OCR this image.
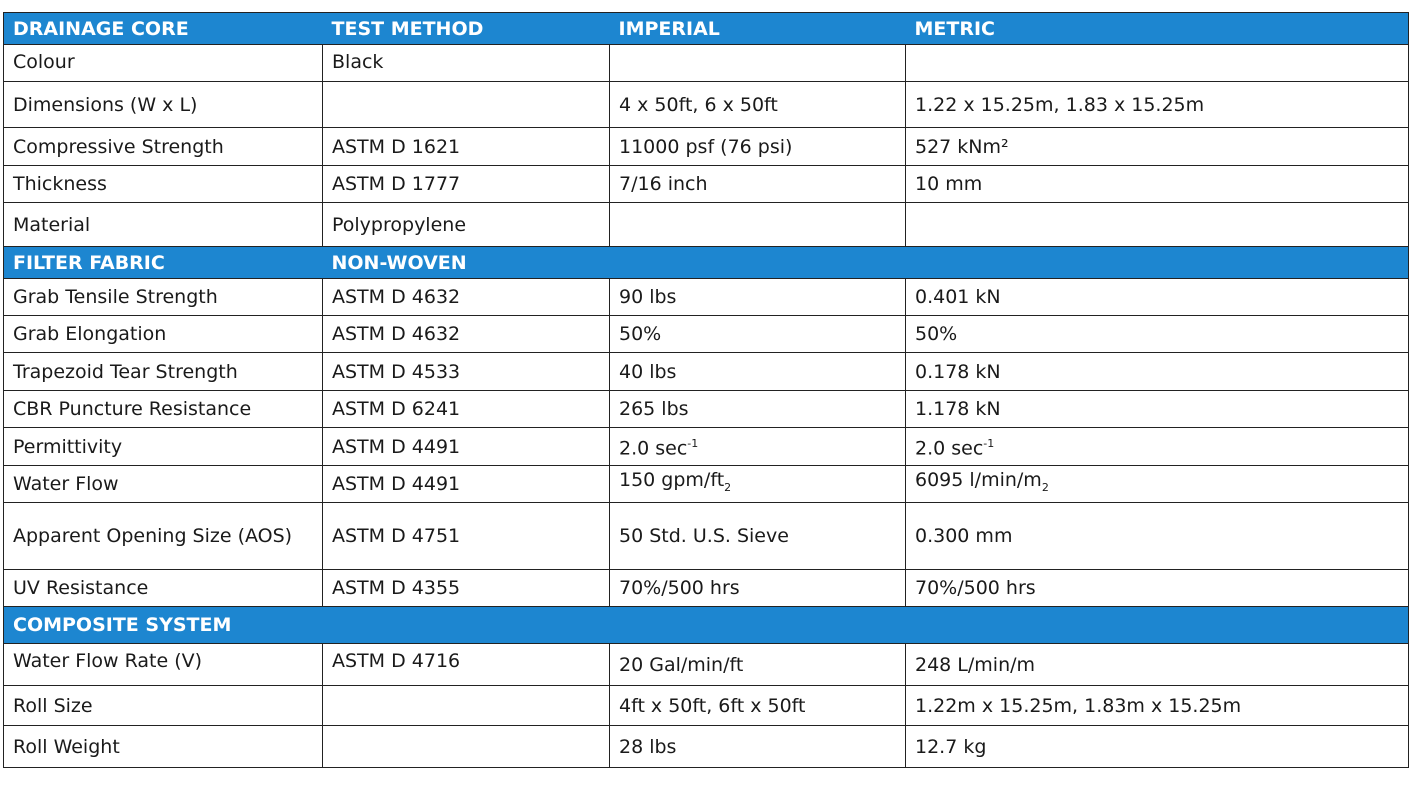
DRAINAGE CORE	TEST METHOD	IMPERIAL	METRIC
Colour	Black		
Dimensions (W x L)		4 x 50ft, 6 x 50ft	1.22 x 15.25m, 1.83 x 15.25m
Compressive Strength	ASTM D 1621	11000 psf (76 psi)	527 kNm²
Thickness	ASTM D 1777	7/16 inch	10 mm
Material	Polypropylene		
FILTER FABRIC	NON-WOVEN		
Grab Tensile Strength	ASTM D 4632	90 lbs	0.401 kN
Grab Elongation	ASTM D 4632	50%	50%
Trapezoid Tear Strength	ASTM D 4533	40 lbs	0.178 kN
CBR Puncture Resistance	ASTM D 6241	265 lbs	1.178 kN
Permittivity	ASTM D 4491	2.0 $\sec^{-1}$	2.0 $\sec^{-1}$
Water Flow	ASTM D 4491	150 gpm/$ft_2$	6095 $l/\min/m_2$
Apparent Opening Size (AOS)	ASTM D 4751	50 Std. U.S. Sieve	0.300 mm
UV Resistance	ASTM D 4355	70%/500 hrs	70%/500 hrs
COMPOSITE SYSTEM			
Water Flow Rate (V)	ASTM D 4716	20 Gal/min/ft	248 L/min/m
Roll Size		4ft x 50ft, 6ft x 50ft	1.22m x 15.25m, 1.83m x 15.25m
Roll Weight		28 lbs	12.7 kg
